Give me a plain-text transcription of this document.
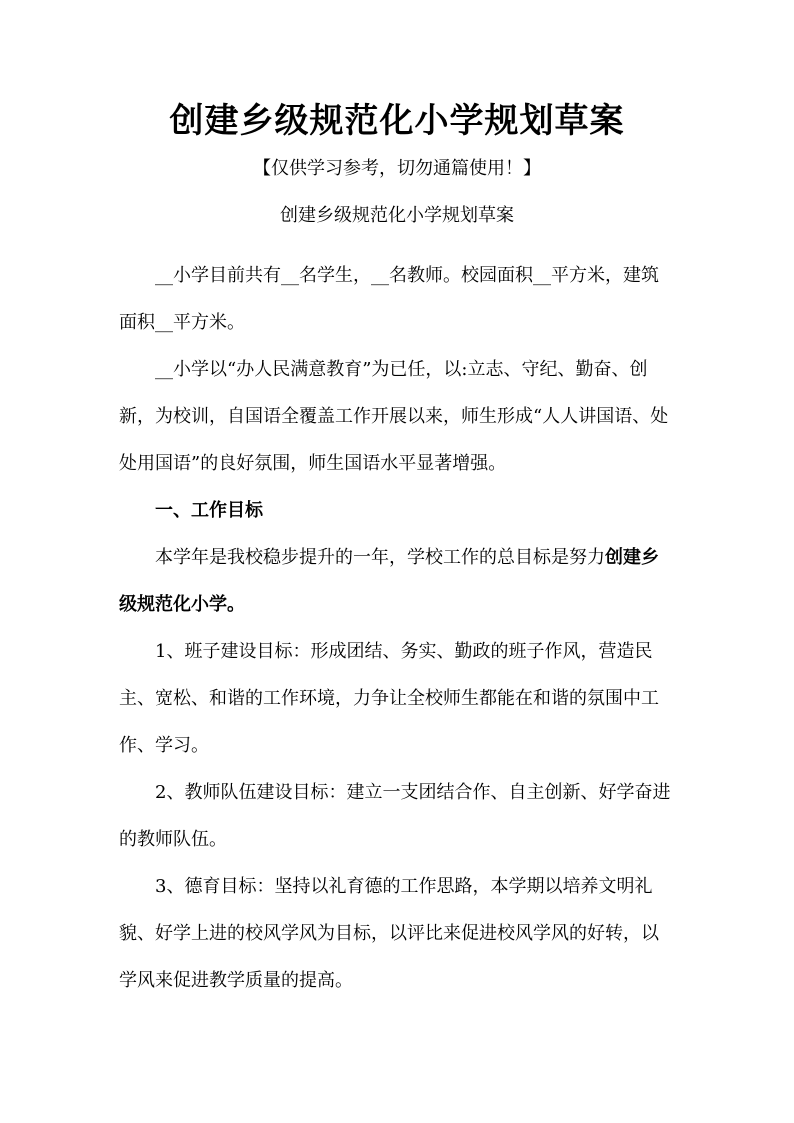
创建乡级规范化小学规划草案
【仅供学习参考，切勿通篇使用！】
创建乡级规范化小学规划草案

__小学目前共有__名学生，__名教师。校园面积__平方米，建筑面积__平方米。

__小学以“办人民满意教育”为已任，以:立志、守纪、勤奋、创新，为校训，自国语全覆盖工作开展以来，师生形成“人人讲国语、处处用国语”的良好氛围，师生国语水平显著增强。

一、工作目标

本学年是我校稳步提升的一年，学校工作的总目标是努力创建乡级规范化小学。

1、班子建设目标：形成团结、务实、勤政的班子作风，营造民主、宽松、和谐的工作环境，力争让全校师生都能在和谐的氛围中工 作、学习。

2、教师队伍建设目标：建立一支团结合作、自主创新、好学奋进的教师队伍。

3、德育目标：坚持以礼育德的工作思路，本学期以培养文明礼貌、好学上进的校风学风为目标，以评比来促进校风学风的好转，以 学风来促进教学质量的提高。
